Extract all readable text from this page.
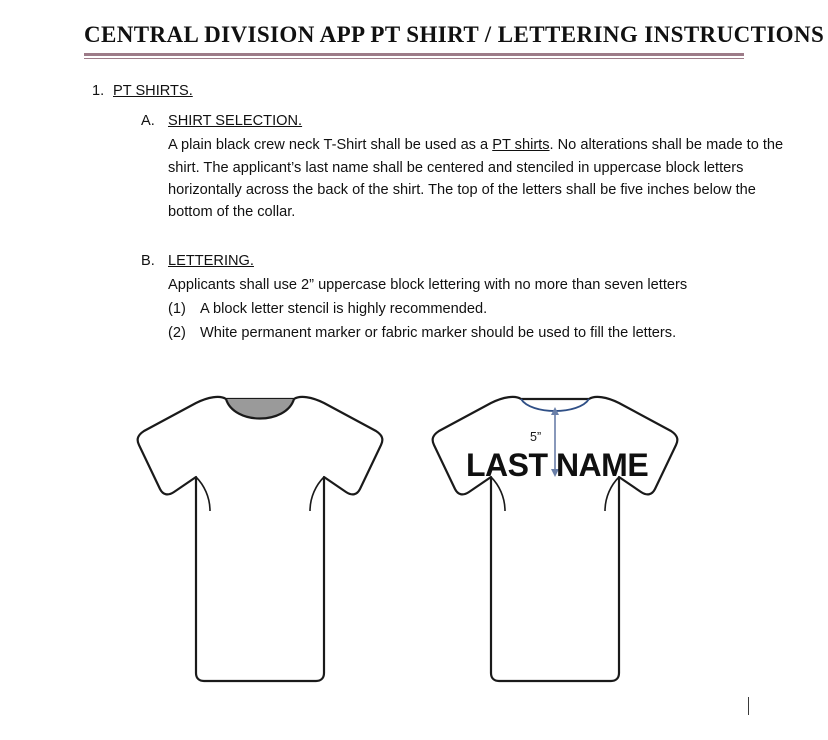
CENTRAL DIVISION APP PT SHIRT / LETTERING INSTRUCTIONS
1. PT SHIRTS.
A. SHIRT SELECTION.
A plain black crew neck T-Shirt shall be used as a PT shirts. No alterations shall be made to the shirt. The applicant’s last name shall be centered and stenciled in uppercase block letters horizontally across the back of the shirt. The top of the letters shall be five inches below the bottom of the collar.
B. LETTERING.
Applicants shall use 2” uppercase block lettering with no more than seven letters
(1) A block letter stencil is highly recommended.
(2) White permanent marker or fabric marker should be used to fill the letters.
5”
LAST NAME
